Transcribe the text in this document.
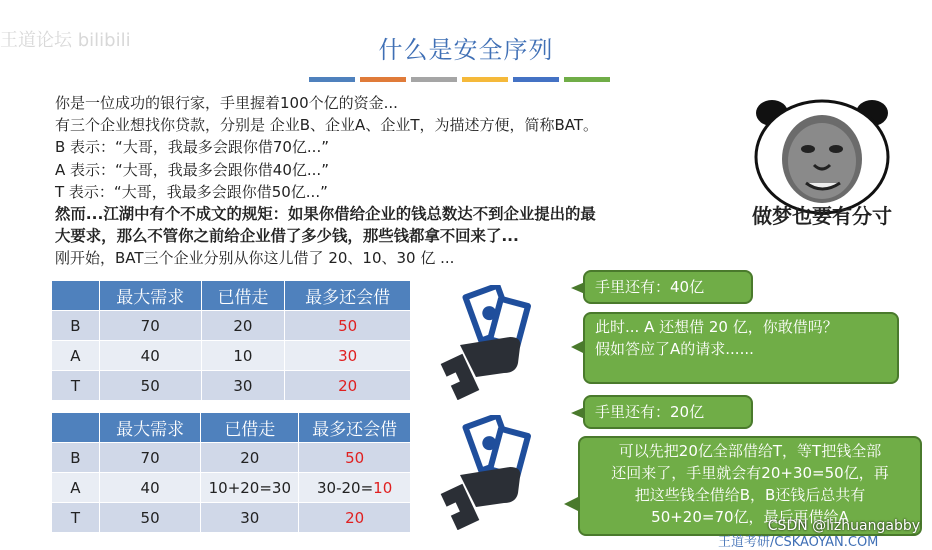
王道论坛 bilibili	什么是安全序列
你是一位成功的银行家，手里握着100个亿的资金...
有三个企业想找你贷款，分别是 企业B、企业A、企业T，为描述方便，简称BAT。
B 表示：“大哥，我最多会跟你借70亿...”
A 表示：“大哥，我最多会跟你借40亿...”
T 表示：“大哥，我最多会跟你借50亿...”
然而...江湖中有个不成文的规矩：如果你借给企业的钱总数达不到企业提出的最
大要求，那么不管你之前给企业借了多少钱，那些钱都拿不回来了...
刚开始，BAT三个企业分别从你这儿借了 20、10、30 亿 ...
做梦也要有分寸
	最大需求	已借走	最多还会借
B	70	20	50
A	40	10	30
T	50	30	20
	最大需求	已借走	最多还会借
B	70	20	50
A	40	10+20=30	30-20=10
T	50	30	20
手里还有：40亿
此时... A 还想借 20 亿，你敢借吗？
假如答应了A的请求......
手里还有：20亿
可以先把20亿全部借给T，等T把钱全部
还回来了，手里就会有20+30=50亿，再
把这些钱全借给B，B还钱后总共有
50+20=70亿，最后再借给A
CSDN @lizhuangabby
王道考研/CSKAOYAN.COM
